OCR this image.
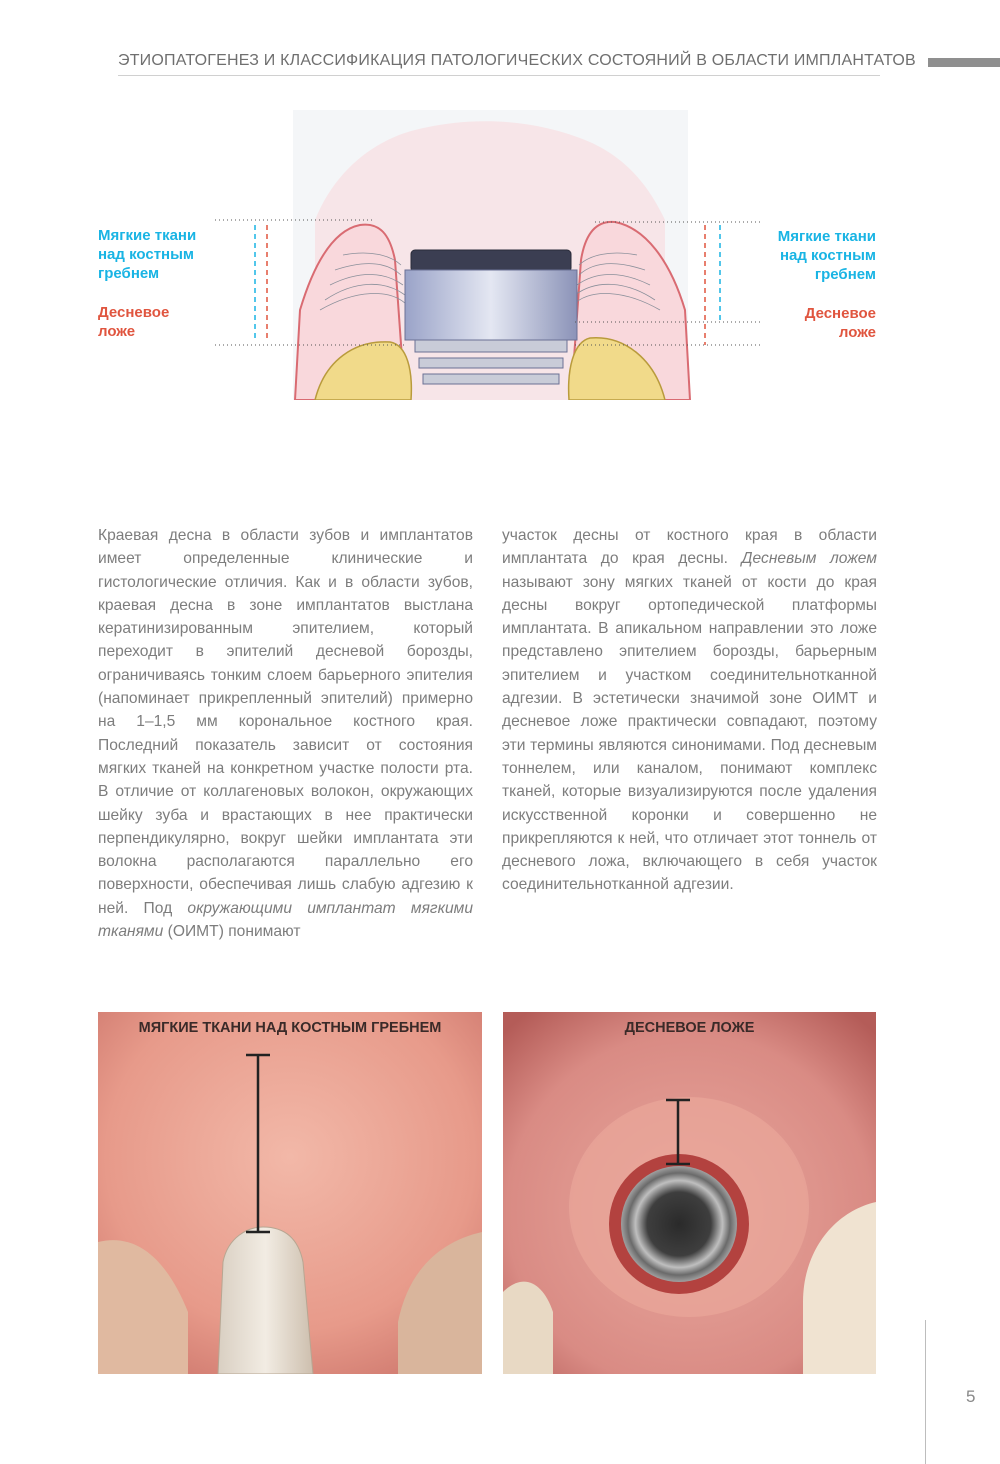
ЭТИОПАТОГЕНЕЗ И КЛАССИФИКАЦИЯ ПАТОЛОГИЧЕСКИХ СОСТОЯНИЙ В ОБЛАСТИ ИМПЛАНТАТОВ
Мягкие ткани
над костным
гребнем
Десневое
ложе
Мягкие ткани
над костным
гребнем
Десневое
ложе
Краевая десна в области зубов и имплантатов имеет определенные клинические и гистологические отличия. Как и в области зубов, краевая десна в зоне имплантатов выстлана кератинизированным эпителием, который переходит в эпителий десневой борозды, ограничиваясь тонким слоем барьерного эпителия (напоминает прикрепленный эпителий) примерно на 1–1,5 мм корональное костного края. Последний показатель зависит от состояния мягких тканей на конкретном участке полости рта. В отличие от коллагеновых волокон, окружающих шейку зуба и врастающих в нее практически перпендикулярно, вокруг шейки имплантата эти волокна располагаются параллельно его поверхности, обеспечивая лишь слабую адгезию к ней. Под окружающими имплантат мягкими тканями (ОИМТ) понимают
участок десны от костного края в области имплантата до края десны. Десневым ложем называют зону мягких тканей от кости до края десны вокруг ортопедической платформы имплантата. В апикальном направлении это ложе представлено эпителием борозды, барьерным эпителием и участком соединительнотканной адгезии. В эстетически значимой зоне ОИМТ и десневое ложе практически совпадают, поэтому эти термины являются синонимами. Под десневым тоннелем, или каналом, понимают комплекс тканей, которые визуализируются после удаления искусственной коронки и совершенно не прикрепляются к ней, что отличает этот тоннель от десневого ложа, включающего в себя участок соединительнотканной адгезии.
МЯГКИЕ ТКАНИ НАД КОСТНЫМ ГРЕБНЕМ	ДЕСНЕВОЕ ЛОЖЕ
5
